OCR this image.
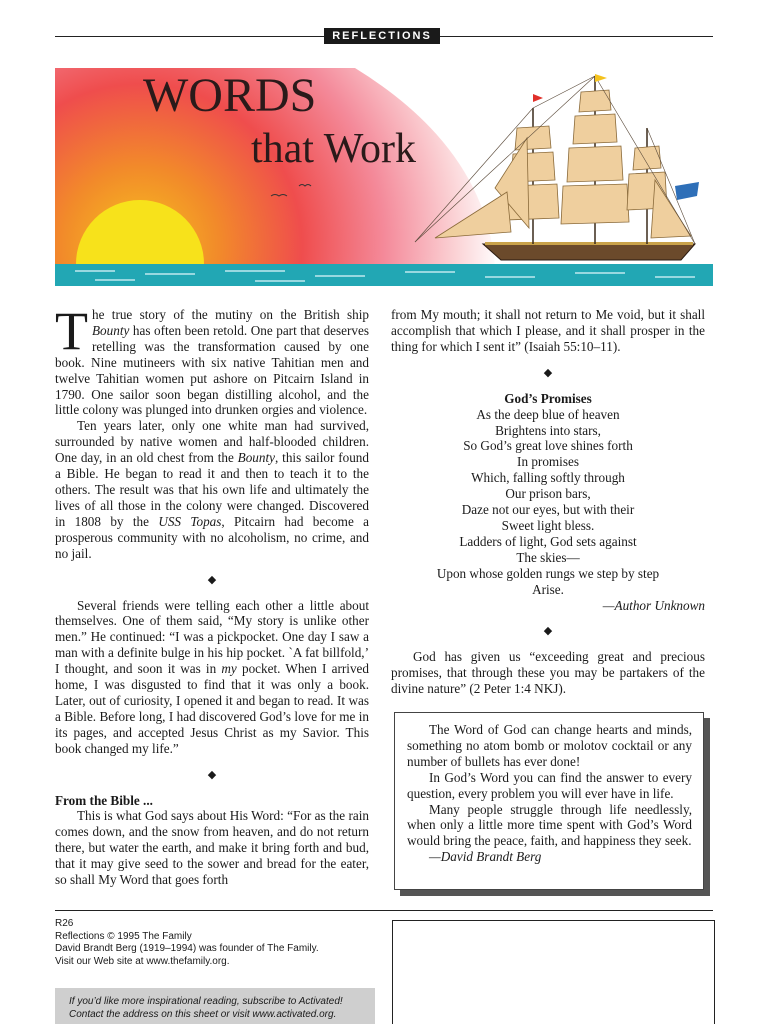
REFLECTIONS
WORDS
that Work

The true story of the mutiny on the British ship Bounty has often been retold. One part that deserves retelling was the transformation caused by one book. Nine mutineers with six native Tahitian men and twelve Tahitian women put ashore on Pitcairn Island in 1790. One sailor soon began distilling alcohol, and the little colony was plunged into drunken orgies and violence.

Ten years later, only one white man had survived, surrounded by native women and half-blooded children. One day, in an old chest from the Bounty, this sailor found a Bible. He began to read it and then to teach it to the others. The result was that his own life and ultimately the lives of all those in the colony were changed. Discovered in 1808 by the USS Topas, Pitcairn had become a prosperous community with no alcoholism, no crime, and no jail.

◆

Several friends were telling each other a little about themselves. One of them said, “My story is unlike other men.” He continued: “I was a pickpocket. One day I saw a man with a definite bulge in his hip pocket. `A fat billfold,’ I thought, and soon it was in my pocket. When I arrived home, I was disgusted to find that it was only a book. Later, out of curiosity, I opened it and began to read. It was a Bible. Before long, I had discovered God’s love for me in its pages, and accepted Jesus Christ as my Savior. This book changed my life.”

◆

From the Bible ...

This is what God says about His Word: “For as the rain comes down, and the snow from heaven, and do not return there, but water the earth, and make it bring forth and bud, that it may give seed to the sower and bread for the eater, so shall My Word that goes forth

from My mouth; it shall not return to Me void, but it shall accomplish that which I please, and it shall prosper in the thing for which I sent it” (Isaiah 55:10–11).

◆
God’s Promises
As the deep blue of heaven
Brightens into stars,
So God’s great love shines forth
In promises
Which, falling softly through
Our prison bars,
Daze not our eyes, but with their
Sweet light bless.
Ladders of light, God sets against
The skies—
Upon whose golden rungs we step by step
Arise.
—Author Unknown
◆

God has given us “exceeding great and precious promises, that through these you may be partakers of the divine nature” (2 Peter 1:4 NKJ).

The Word of God can change hearts and minds, something no atom bomb or molotov cocktail or any number of bullets has ever done!

In God’s Word you can find the answer to every question, every problem you will ever have in life.

Many people struggle through life needlessly, when only a little more time spent with God’s Word would bring the peace, faith, and happiness they seek.

—David Brandt Berg

R26
Reflections © 1995 The Family
David Brandt Berg (1919–1994) was founder of The Family.
Visit our Web site at www.thefamily.org.
If you’d like more inspirational reading, subscribe to Activated!
Contact the address on this sheet or visit www.activated.org.
